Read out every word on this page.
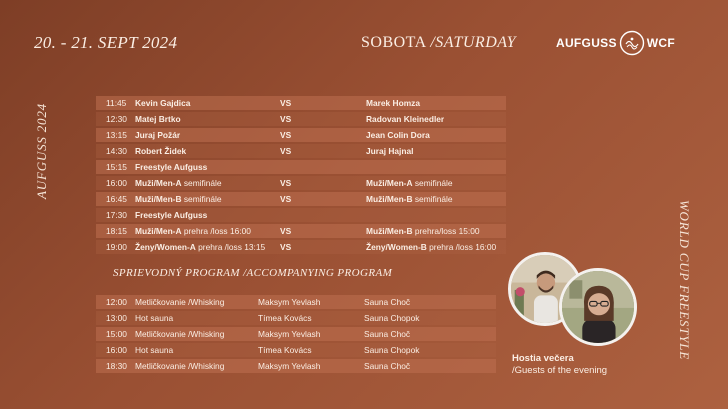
20. - 21. SEPT 2024	SOBOTA /SATURDAY	AUFGUSS	WCF
AUFGUSS 2024
WORLD CUP FREESTYLE
11:45 Kevin Gajdica	VS	Marek Homza
12:30 Matej Brtko	VS	Radovan Kleinedler
13:15 Juraj Požár	VS	Jean Colin Dora
14:30 Robert Židek	VS	Juraj Hajnal
15:15 Freestyle Aufguss
16:00 Muži/Men-A semifinále	VS	Muži/Men-A semifinále
16:45 Muži/Men-B semifinále	VS	Muži/Men-B semifinále
17:30 Freestyle Aufguss
18:15 Muži/Men-A prehra /loss 16:00	VS	Muži/Men-B prehra/loss 15:00
19:00 Ženy/Women-A prehra /loss 13:15 VS	Ženy/Women-B prehra /loss 16:00
SPRIEVODNÝ PROGRAM /ACCOMPANYING PROGRAM
12:00 Metličkovanie /Whisking	Maksym Yevlash	Sauna Choč
13:00 Hot sauna	Tímea Kovács	Sauna Chopok
15:00 Metličkovanie /Whisking	Maksym Yevlash	Sauna Choč
16:00 Hot sauna	Tímea Kovács	Sauna Chopok
18:30 Metličkovanie /Whisking	Maksym Yevlash	Sauna Choč
Hostia večera
/Guests of the evening
